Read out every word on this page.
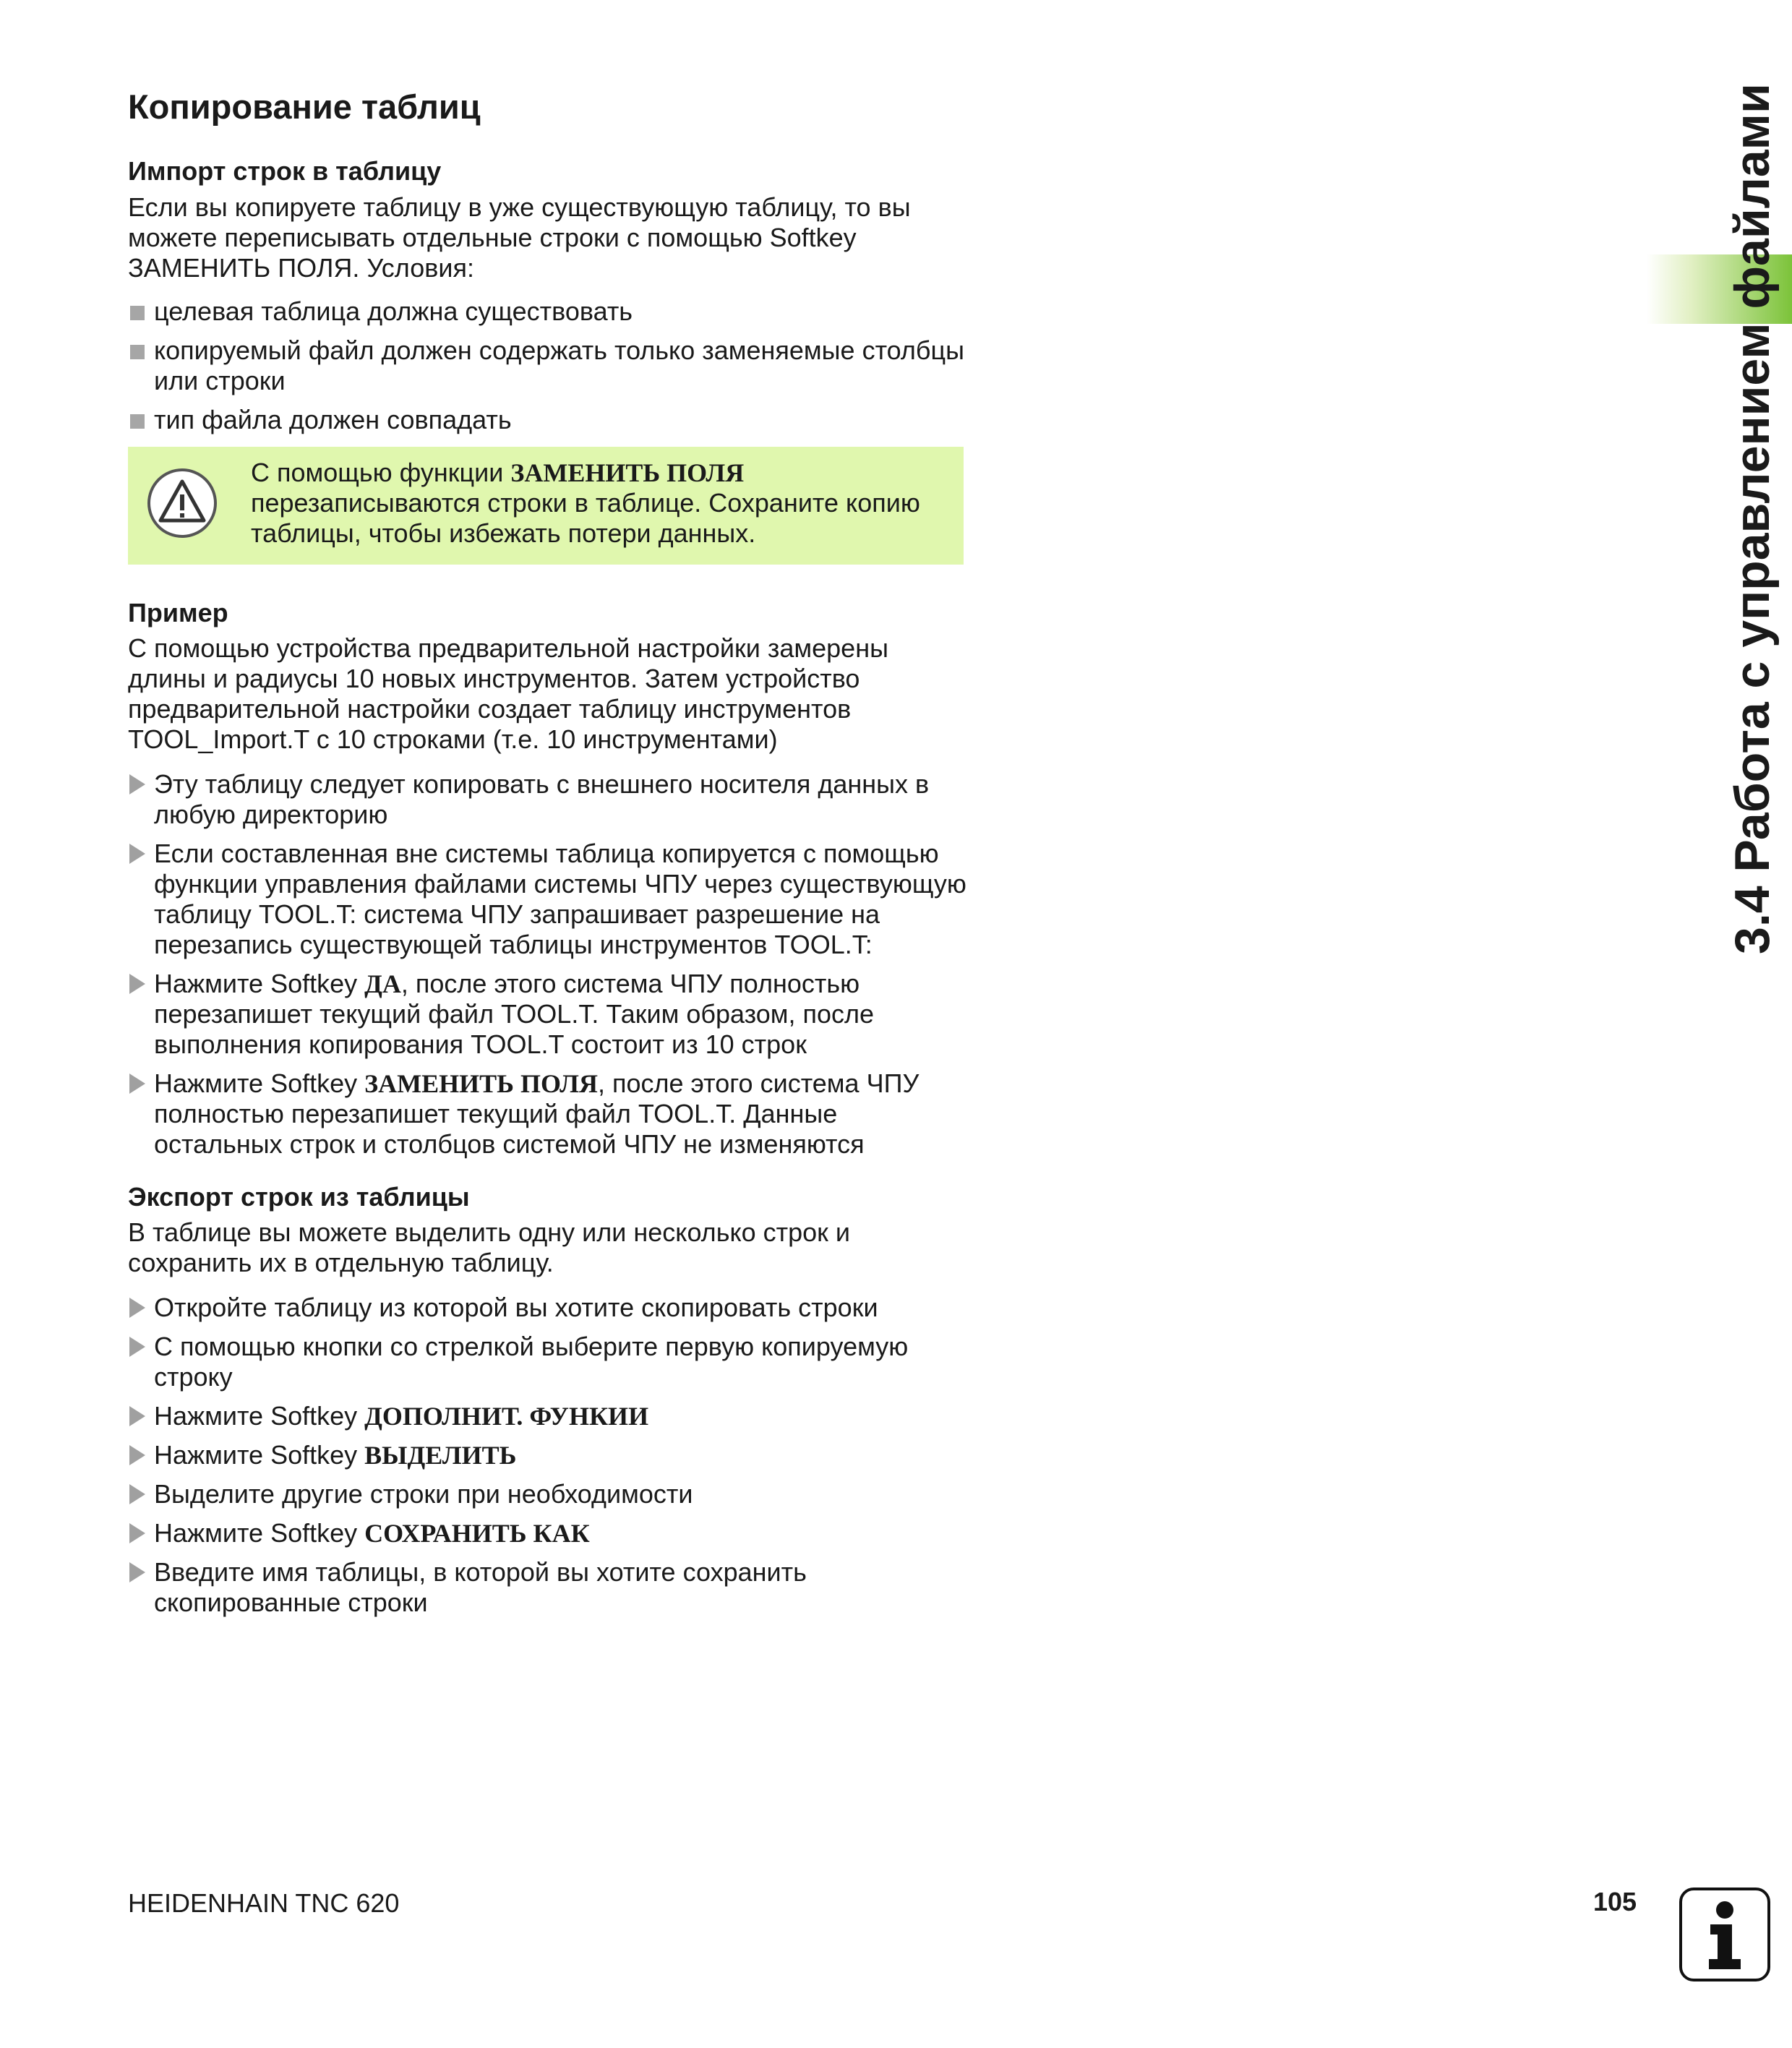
Копирование таблиц
Импорт строк в таблицу

Если вы копируете таблицу в уже существующую таблицу, то вы можете переписывать отдельные строки с помощью Softkey ЗАМЕНИТЬ ПОЛЯ. Условия:

целевая таблица должна существовать
копируемый файл должен содержать только заменяемые столбцы или строки
тип файла должен совпадать

С помощью функции ЗАМЕНИТЬ ПОЛЯ перезаписываются строки в таблице. Сохраните копию таблицы, чтобы избежать потери данных.

Пример

С помощью устройства предварительной настройки замерены длины и радиусы 10 новых инструментов. Затем устройство предварительной настройки создает таблицу инструментов TOOL_Import.T с 10 строками (т.е. 10 инструментами)

Эту таблицу следует копировать с внешнего носителя данных в любую директорию
Если составленная вне системы таблица копируется с помощью функции управления файлами системы ЧПУ через существующую таблицу TOOL.T: система ЧПУ запрашивает разрешение на перезапись существующей таблицы инструментов TOOL.T:
Нажмите Softkey ДА, после этого система ЧПУ полностью перезапишет текущий файл TOOL.T. Таким образом, после выполнения копирования TOOL.T состоит из 10 строк
Нажмите Softkey ЗАМЕНИТЬ ПОЛЯ, после этого система ЧПУ полностью перезапишет текущий файл TOOL.T. Данные остальных строк и столбцов системой ЧПУ не изменяются
Экспорт строк из таблицы

В таблице вы можете выделить одну или несколько строк и сохранить их в отдельную таблицу.

Откройте таблицу из которой вы хотите скопировать строки
С помощью кнопки со стрелкой выберите первую копируемую строку
Нажмите Softkey ДОПОЛНИТ. ФУНКИИ
Нажмите Softkey ВЫДЕЛИТЬ
Выделите другие строки при необходимости
Нажмите Softkey СОХРАНИТЬ КАК
Введите имя таблицы, в которой вы хотите сохранить скопированные строки
3.4 Работа с управлением файлами
HEIDENHAIN TNC 620	105
